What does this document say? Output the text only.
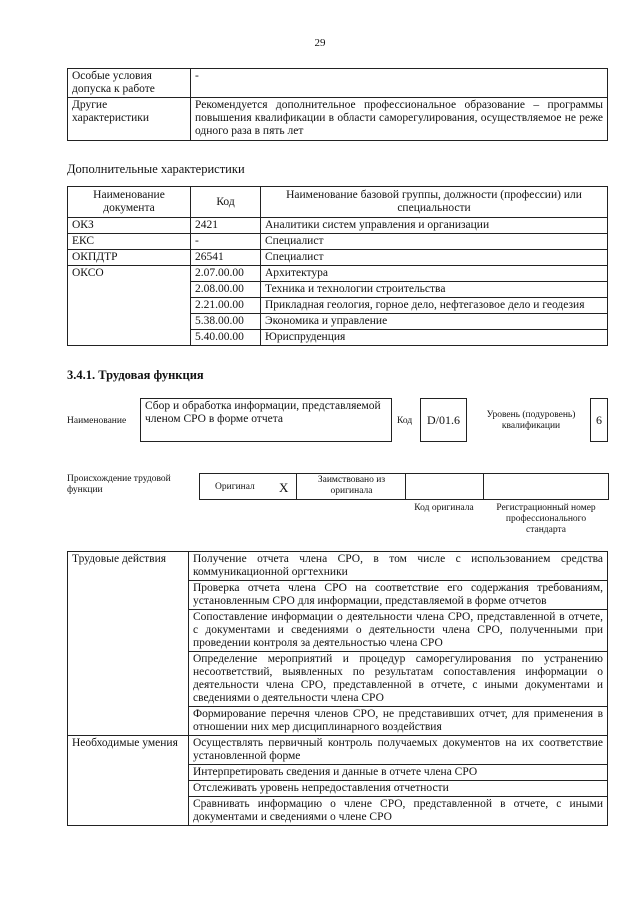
29
Особые условия допуска к работе	-
Другие характеристики	Рекомендуется дополнительное профессиональное образование – программы повышения квалификации в области саморегулирования, осуществляемое не реже одного раза в пять лет
Дополнительные характеристики
Наименование документа	Код	Наименование базовой группы, должности (профессии) или специальности
ОКЗ	2421	Аналитики систем управления и организации
ЕКС	-	Специалист
ОКПДТР	26541	Специалист
ОКСО	2.07.00.00	Архитектура
	2.08.00.00	Техника и технологии строительства
	2.21.00.00	Прикладная геология, горное дело, нефтегазовое дело и геодезия
	5.38.00.00	Экономика и управление
	5.40.00.00	Юриспруденция
3.4.1. Трудовая функция
Наименование
Сбор и обработка информации, представляемой членом СРО в форме отчета	Код D/01.6	Уровень (подуровень) квалификации	6
Происхождение трудовой функции	Оригинал X	Заимствовано из оригинала
Код оригинала	Регистрационный номер профессионального стандарта
Трудовые действия	Получение отчета члена СРО, в том числе с использованием средства коммуникационной оргтехники
	Проверка отчета члена СРО на соответствие его содержания требованиям, установленным СРО для информации, представляемой в форме отчетов
	Сопоставление информации о деятельности члена СРО, представленной в отчете, с документами и сведениями о деятельности члена СРО, полученными при проведении контроля за деятельностью члена СРО
	Определение мероприятий и процедур саморегулирования по устранению несоответствий, выявленных по результатам сопоставления информации о деятельности члена СРО, представленной в отчете, с иными документами и сведениями о деятельности члена СРО
	Формирование перечня членов СРО, не представивших отчет, для применения в отношении них мер дисциплинарного воздействия
Необходимые умения	Осуществлять первичный контроль получаемых документов на их соответствие установленной форме
	Интерпретировать сведения и данные в отчете члена СРО
	Отслеживать уровень непредоставления отчетности
	Сравнивать информацию о члене СРО, представленной в отчете, с иными документами и сведениями о члене СРО
